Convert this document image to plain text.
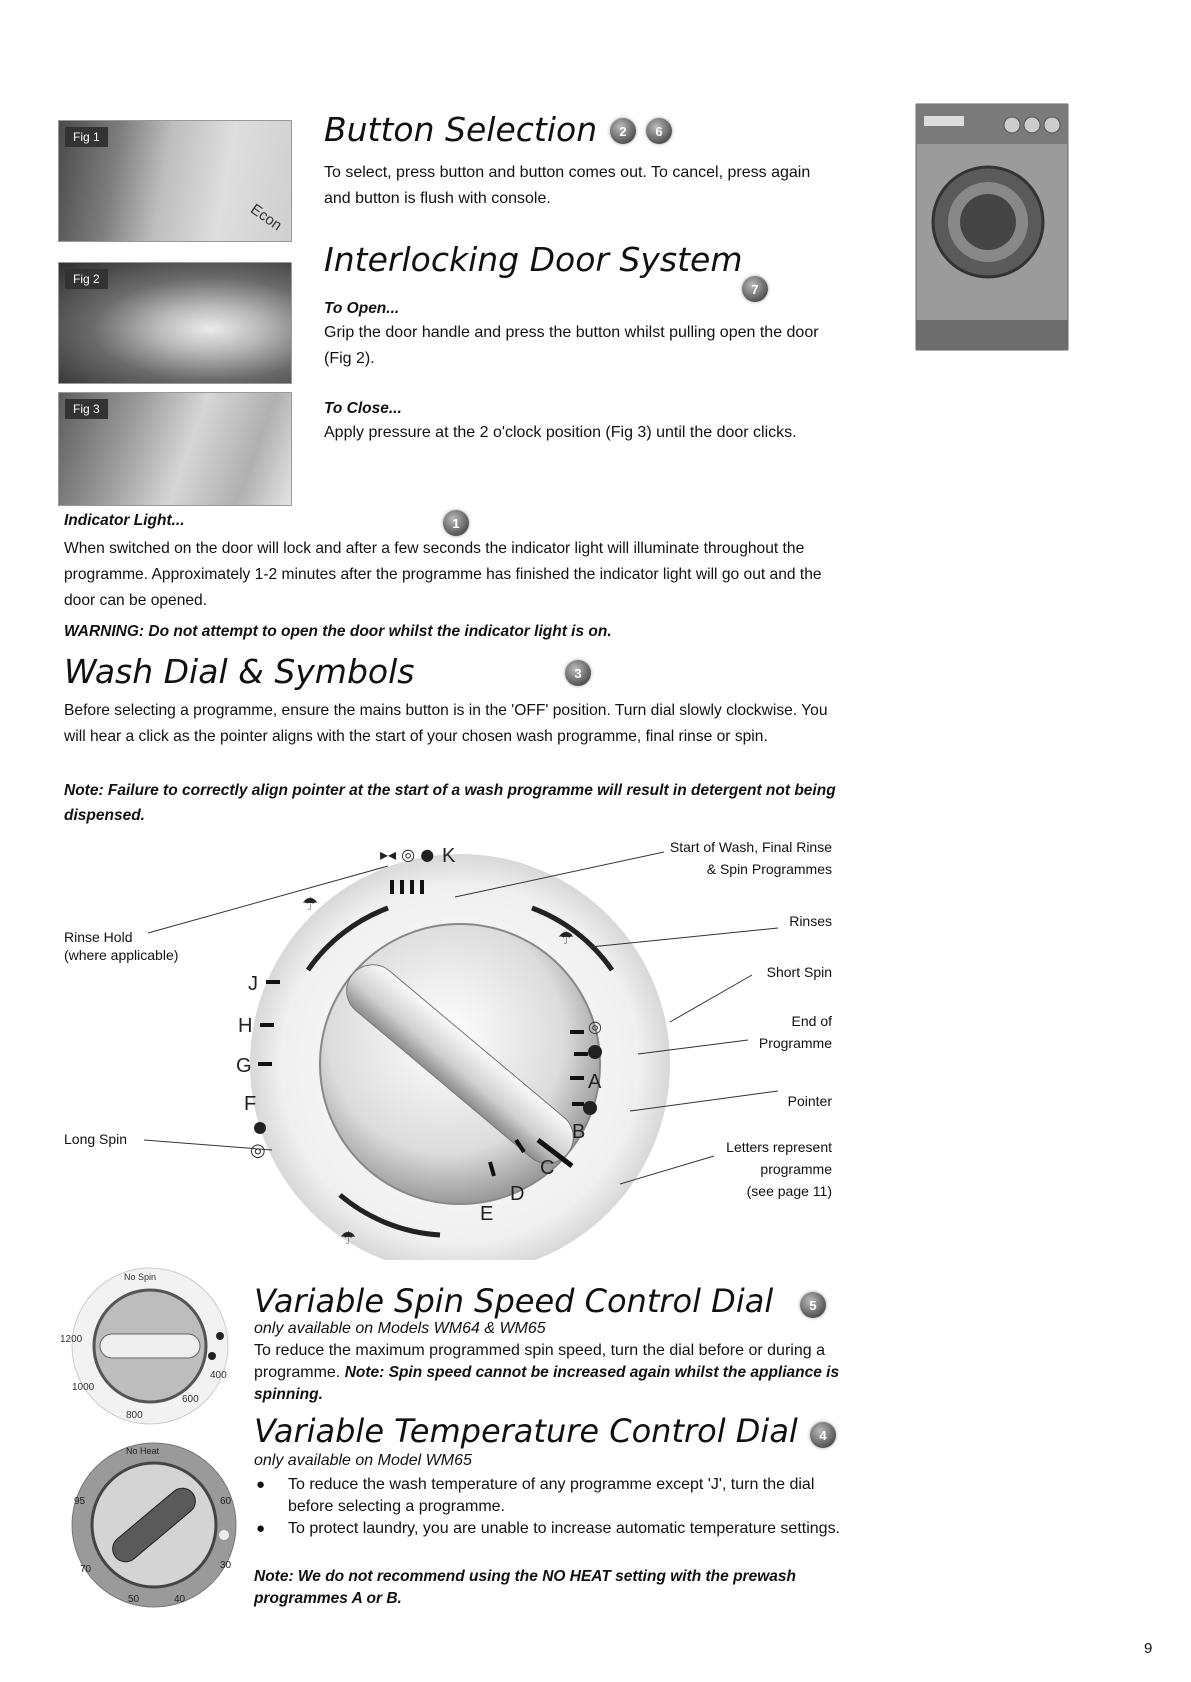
Fig 1
Econ
Fig 2
Fig 3
Button Selection	2	6
To select, press button and button comes out. To cancel, press again and button is flush with console.
Interlocking Door System
7
To Open...
Grip the door handle and press the button whilst pulling open the door (Fig 2).
To Close...
Apply pressure at the 2 o'clock position (Fig 3) until the door clicks.
Indicator Light...	1
When switched on the door will lock and after a few seconds the indicator light will illuminate throughout the programme. Approximately 1-2 minutes after the programme has finished the indicator light will go out and the door can be opened.
WARNING: Do not attempt to open the door whilst the indicator light is on.
Wash Dial & Symbols	3
Before selecting a programme, ensure the mains button is in the 'OFF' position. Turn dial slowly clockwise. You will hear a click as the pointer aligns with the start of your chosen wash programme, final rinse or spin.
Note: Failure to correctly align pointer at the start of a wash programme will result in detergent not being dispensed.
▸◂ ◎ ● K
☂
☂
☂
J
H
G
F
◎
◎
A
B
C
D
E
Start of Wash, Final Rinse
& Spin Programmes
Rinses
Short Spin
End of
Programme
Pointer
Letters represent
programme
(see page 11)
Rinse Hold
(where applicable)
Long Spin
No Spin
1200
1000
800
600
400
Variable Spin Speed Control Dial	5
only available on Models WM64 & WM65
To reduce the maximum programmed spin speed, turn the dial before or during a programme. Note: Spin speed cannot be increased again whilst the appliance is spinning.
No Heat
95	60
70
50	40
30
Variable Temperature Control Dial	4
only available on Model WM65
● To reduce the wash temperature of any programme except 'J', turn the dial before selecting a programme.
● To protect laundry, you are unable to increase automatic temperature settings.
Note: We do not recommend using the NO HEAT setting with the prewash programmes A or B.
9
